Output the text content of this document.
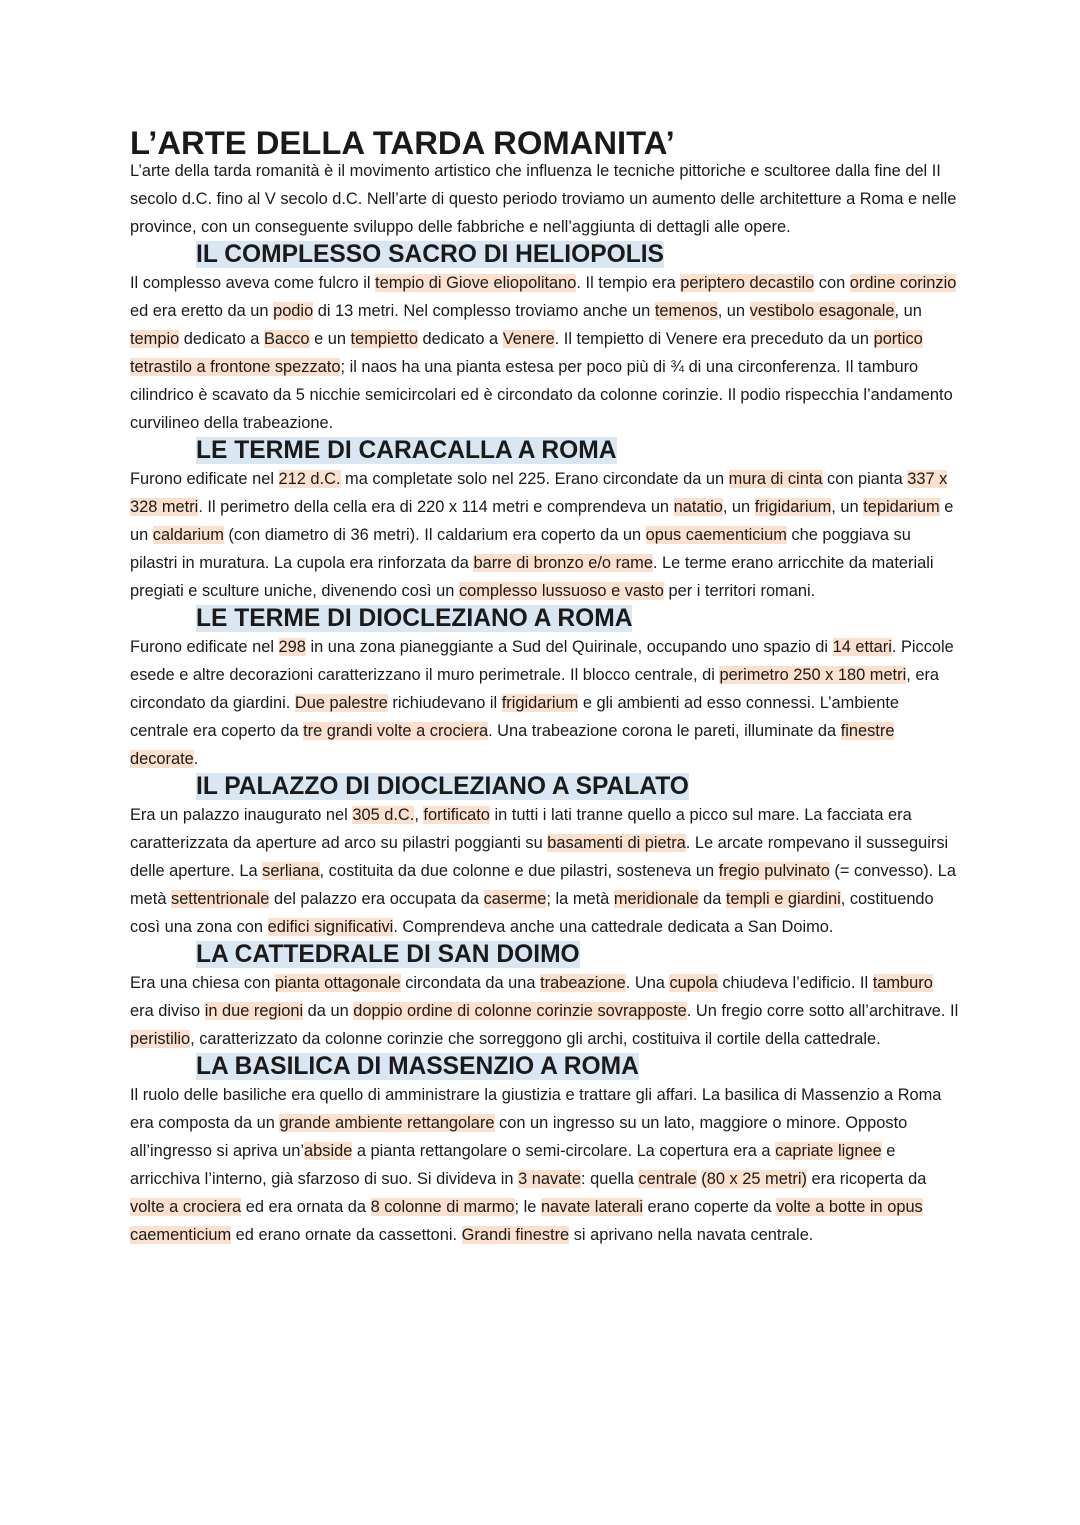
L’ARTE DELLA TARDA ROMANITA’

L’arte della tarda romanità è il movimento artistico che influenza le tecniche pittoriche e scultoree dalla fine del II secolo d.C. fino al V secolo d.C. Nell’arte di questo periodo troviamo un aumento delle architetture a Roma e nelle province, con un conseguente sviluppo delle fabbriche e nell’aggiunta di dettagli alle opere.

IL COMPLESSO SACRO DI HELIOPOLIS

Il complesso aveva come fulcro il tempio di Giove eliopolitano. Il tempio era periptero decastilo con ordine corinzio ed era eretto da un podio di 13 metri. Nel complesso troviamo anche un temenos, un vestibolo esagonale, un tempio dedicato a Bacco e un tempietto dedicato a Venere. Il tempietto di Venere era preceduto da un portico tetrastilo a frontone spezzato; il naos ha una pianta estesa per poco più di ¾ di una circonferenza. Il tamburo cilindrico è scavato da 5 nicchie semicircolari ed è circondato da colonne corinzie. Il podio rispecchia l’andamento curvilineo della trabeazione.

LE TERME DI CARACALLA A ROMA

Furono edificate nel 212 d.C. ma completate solo nel 225. Erano circondate da un mura di cinta con pianta 337 x 328 metri. Il perimetro della cella era di 220 x 114 metri e comprendeva un natatio, un frigidarium, un tepidarium e un caldarium (con diametro di 36 metri). Il caldarium era coperto da un opus caementicium che poggiava su pilastri in muratura. La cupola era rinforzata da barre di bronzo e/o rame. Le terme erano arricchite da materiali pregiati e sculture uniche, divenendo così un complesso lussuoso e vasto per i territori romani.

LE TERME DI DIOCLEZIANO A ROMA

Furono edificate nel 298 in una zona pianeggiante a Sud del Quirinale, occupando uno spazio di 14 ettari. Piccole esede e altre decorazioni caratterizzano il muro perimetrale. Il blocco centrale, di perimetro 250 x 180 metri, era circondato da giardini. Due palestre richiudevano il frigidarium e gli ambienti ad esso connessi. L’ambiente centrale era coperto da tre grandi volte a crociera. Una trabeazione corona le pareti, illuminate da finestre decorate.

IL PALAZZO DI DIOCLEZIANO A SPALATO

Era un palazzo inaugurato nel 305 d.C., fortificato in tutti i lati tranne quello a picco sul mare. La facciata era caratterizzata da aperture ad arco su pilastri poggianti su basamenti di pietra. Le arcate rompevano il susseguirsi delle aperture. La serliana, costituita da due colonne e due pilastri, sosteneva un fregio pulvinato (= convesso). La metà settentrionale del palazzo era occupata da caserme; la metà meridionale da templi e giardini, costituendo così una zona con edifici significativi. Comprendeva anche una cattedrale dedicata a San Doimo.

LA CATTEDRALE DI SAN DOIMO

Era una chiesa con pianta ottagonale circondata da una trabeazione. Una cupola chiudeva l’edificio. Il tamburo era diviso in due regioni da un doppio ordine di colonne corinzie sovrapposte. Un fregio corre sotto all’architrave. Il peristilio, caratterizzato da colonne corinzie che sorreggono gli archi, costituiva il cortile della cattedrale.

LA BASILICA DI MASSENZIO A ROMA

Il ruolo delle basiliche era quello di amministrare la giustizia e trattare gli affari. La basilica di Massenzio a Roma era composta da un grande ambiente rettangolare con un ingresso su un lato, maggiore o minore. Opposto all’ingresso si apriva un’abside a pianta rettangolare o semi-circolare. La copertura era a capriate lignee e arricchiva l’interno, già sfarzoso di suo. Si divideva in 3 navate: quella centrale (80 x 25 metri) era ricoperta da volte a crociera ed era ornata da 8 colonne di marmo; le navate laterali erano coperte da volte a botte in opus caementicium ed erano ornate da cassettoni. Grandi finestre si aprivano nella navata centrale.
